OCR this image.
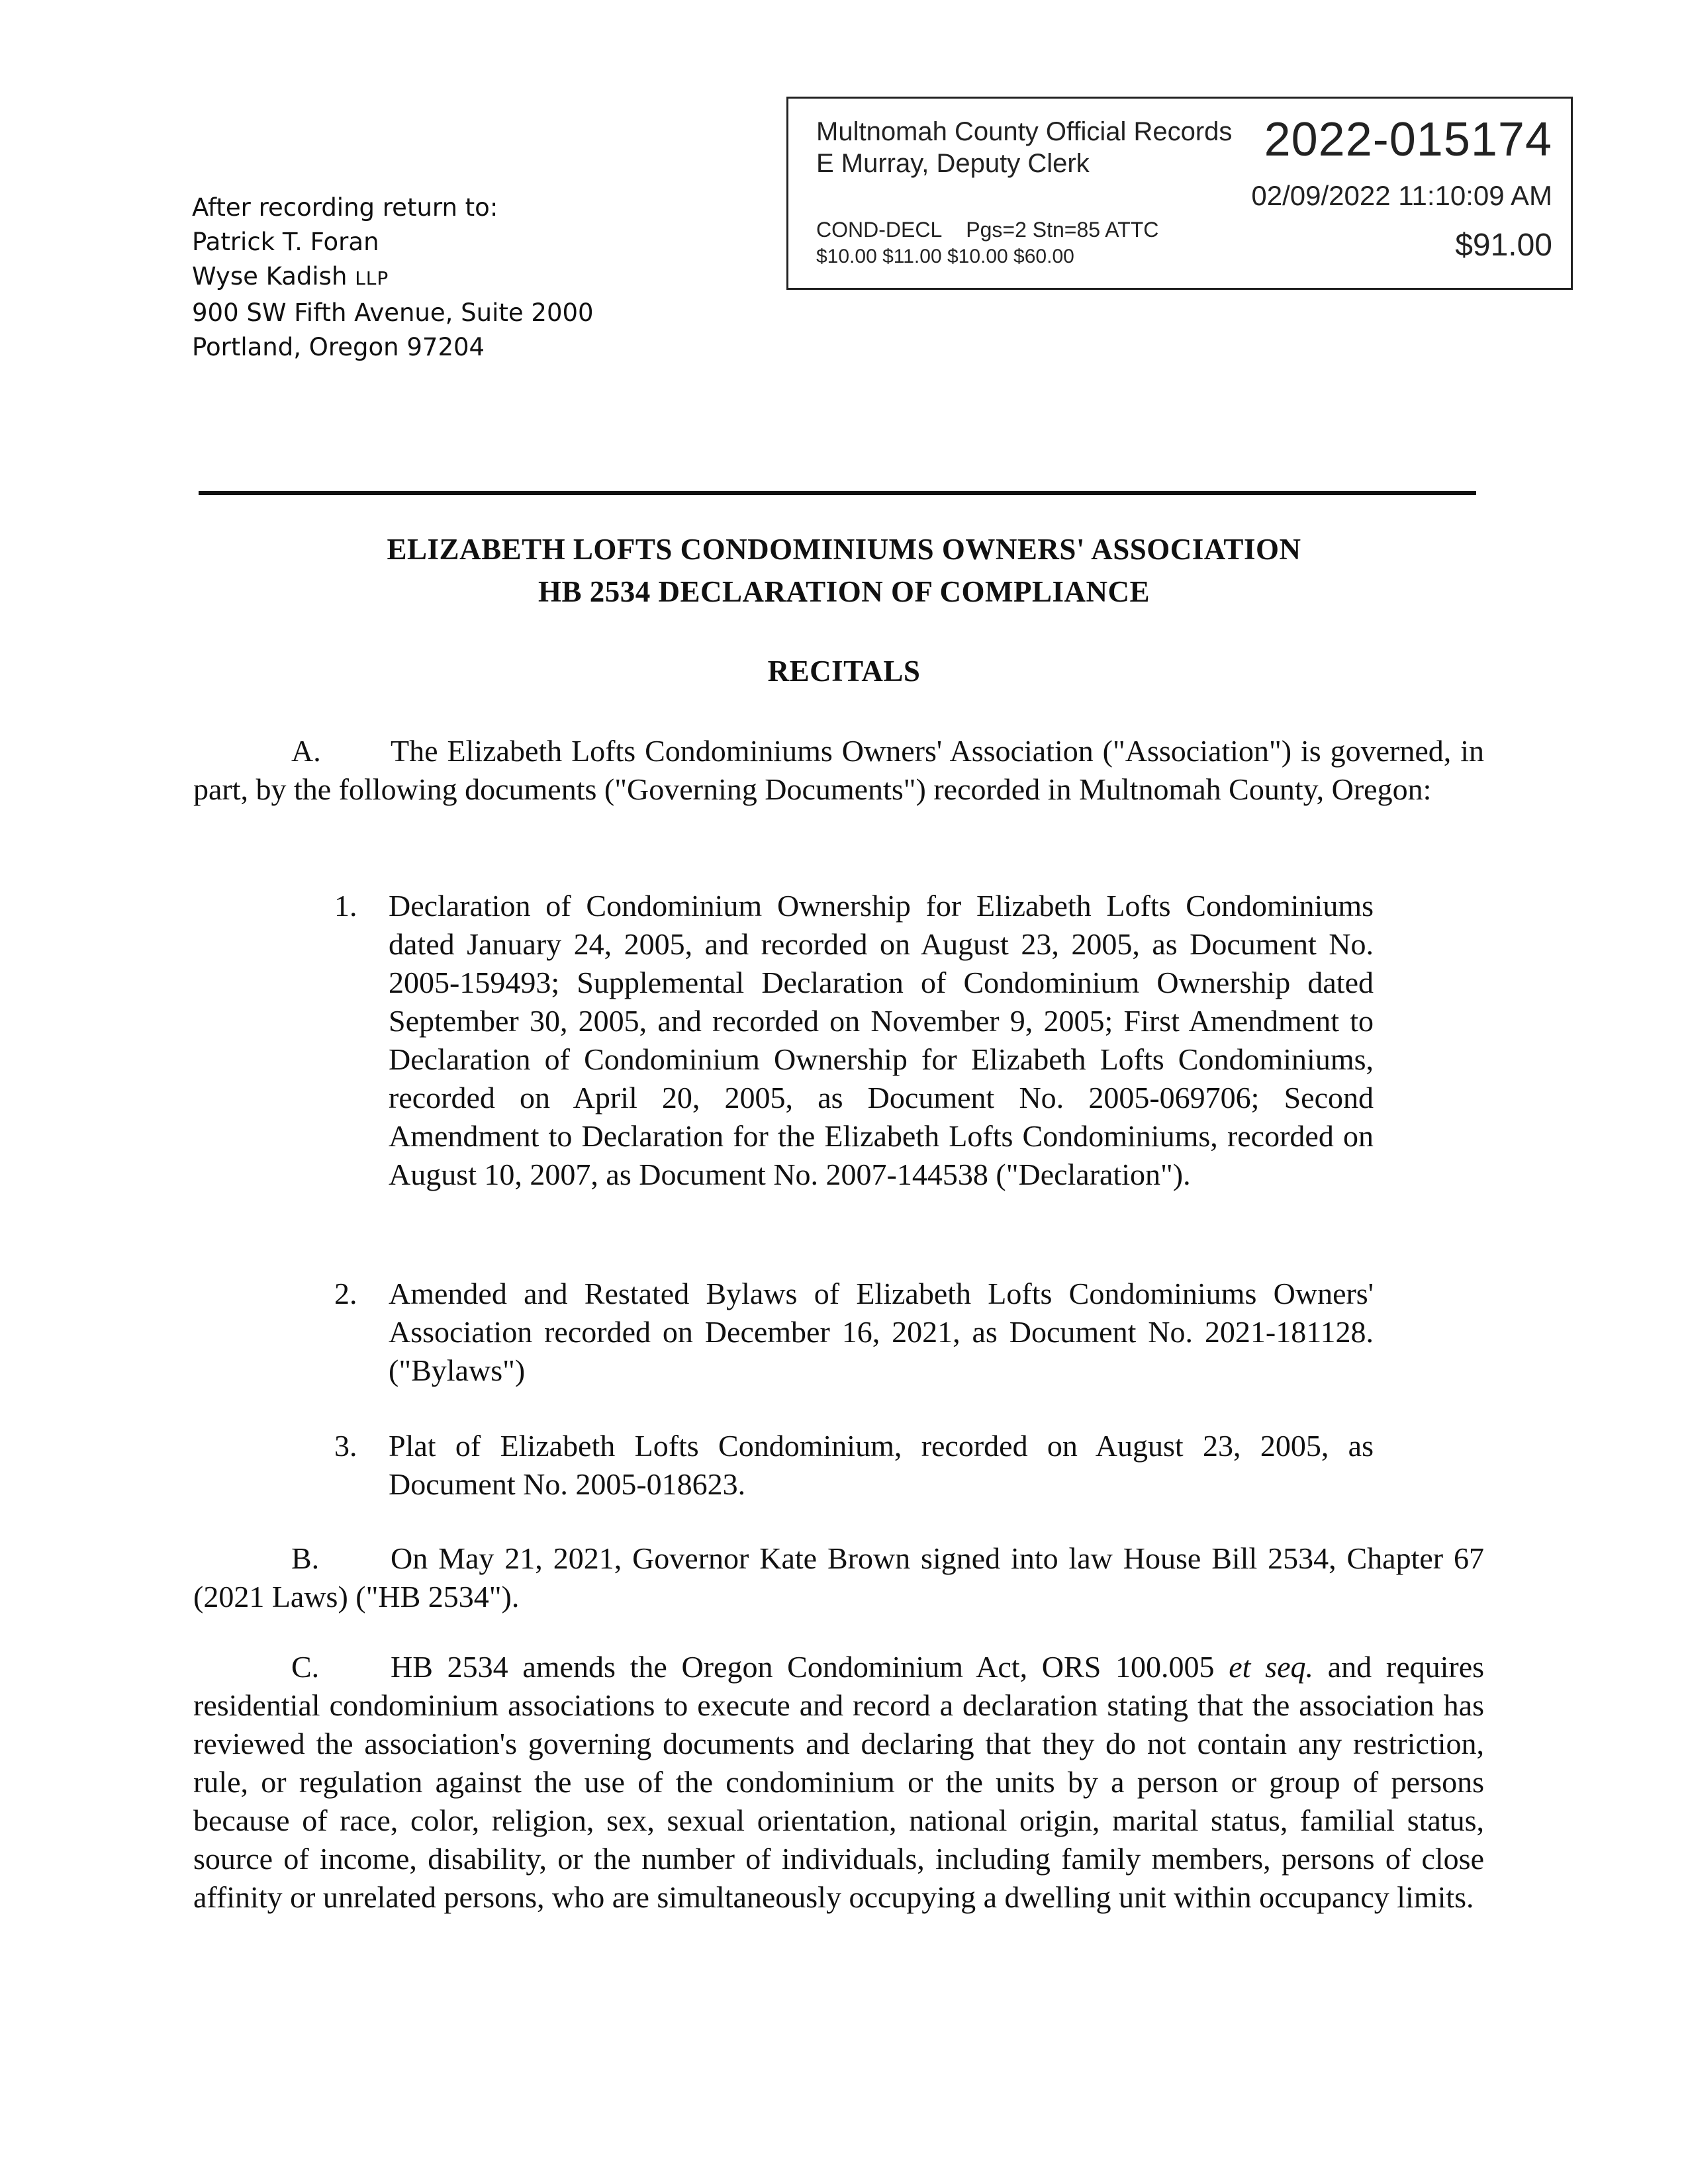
After recording return to:
Patrick T. Foran
Wyse Kadish LLP
900 SW Fifth Avenue, Suite 2000
Portland, Oregon 97204
Multnomah County Official Records
E Murray, Deputy Clerk	2022-015174
02/09/2022 11:10:09 AM
COND-DECL Pgs=2 Stn=85 ATTC
$10.00 $11.00 $10.00 $60.00	$91.00
ELIZABETH LOFTS CONDOMINIUMS OWNERS' ASSOCIATION
HB 2534 DECLARATION OF COMPLIANCE
RECITALS
A. The Elizabeth Lofts Condominiums Owners' Association ("Association") is governed, in part, by the following documents ("Governing Documents") recorded in Multnomah County, Oregon:
1. Declaration of Condominium Ownership for Elizabeth Lofts Condominiums dated January 24, 2005, and recorded on August 23, 2005, as Document No. 2005-159493; Supplemental Declaration of Condominium Ownership dated September 30, 2005, and recorded on November 9, 2005; First Amendment to Declaration of Condominium Ownership for Elizabeth Lofts Condominiums, recorded on April 20, 2005, as Document No. 2005-069706; Second Amendment to Declaration for the Elizabeth Lofts Condominiums, recorded on August 10, 2007, as Document No. 2007-144538 ("Declaration").
2. Amended and Restated Bylaws of Elizabeth Lofts Condominiums Owners' Association recorded on December 16, 2021, as Document No. 2021-181128. ("Bylaws")
3. Plat of Elizabeth Lofts Condominium, recorded on August 23, 2005, as Document No. 2005-018623.
B. On May 21, 2021, Governor Kate Brown signed into law House Bill 2534, Chapter 67 (2021 Laws) ("HB 2534").
C. HB 2534 amends the Oregon Condominium Act, ORS 100.005 et seq. and requires residential condominium associations to execute and record a declaration stating that the association has reviewed the association's governing documents and declaring that they do not contain any restriction, rule, or regulation against the use of the condominium or the units by a person or group of persons because of race, color, religion, sex, sexual orientation, national origin, marital status, familial status, source of income, disability, or the number of individuals, including family members, persons of close affinity or unrelated persons, who are simultaneously occupying a dwelling unit within occupancy limits.
